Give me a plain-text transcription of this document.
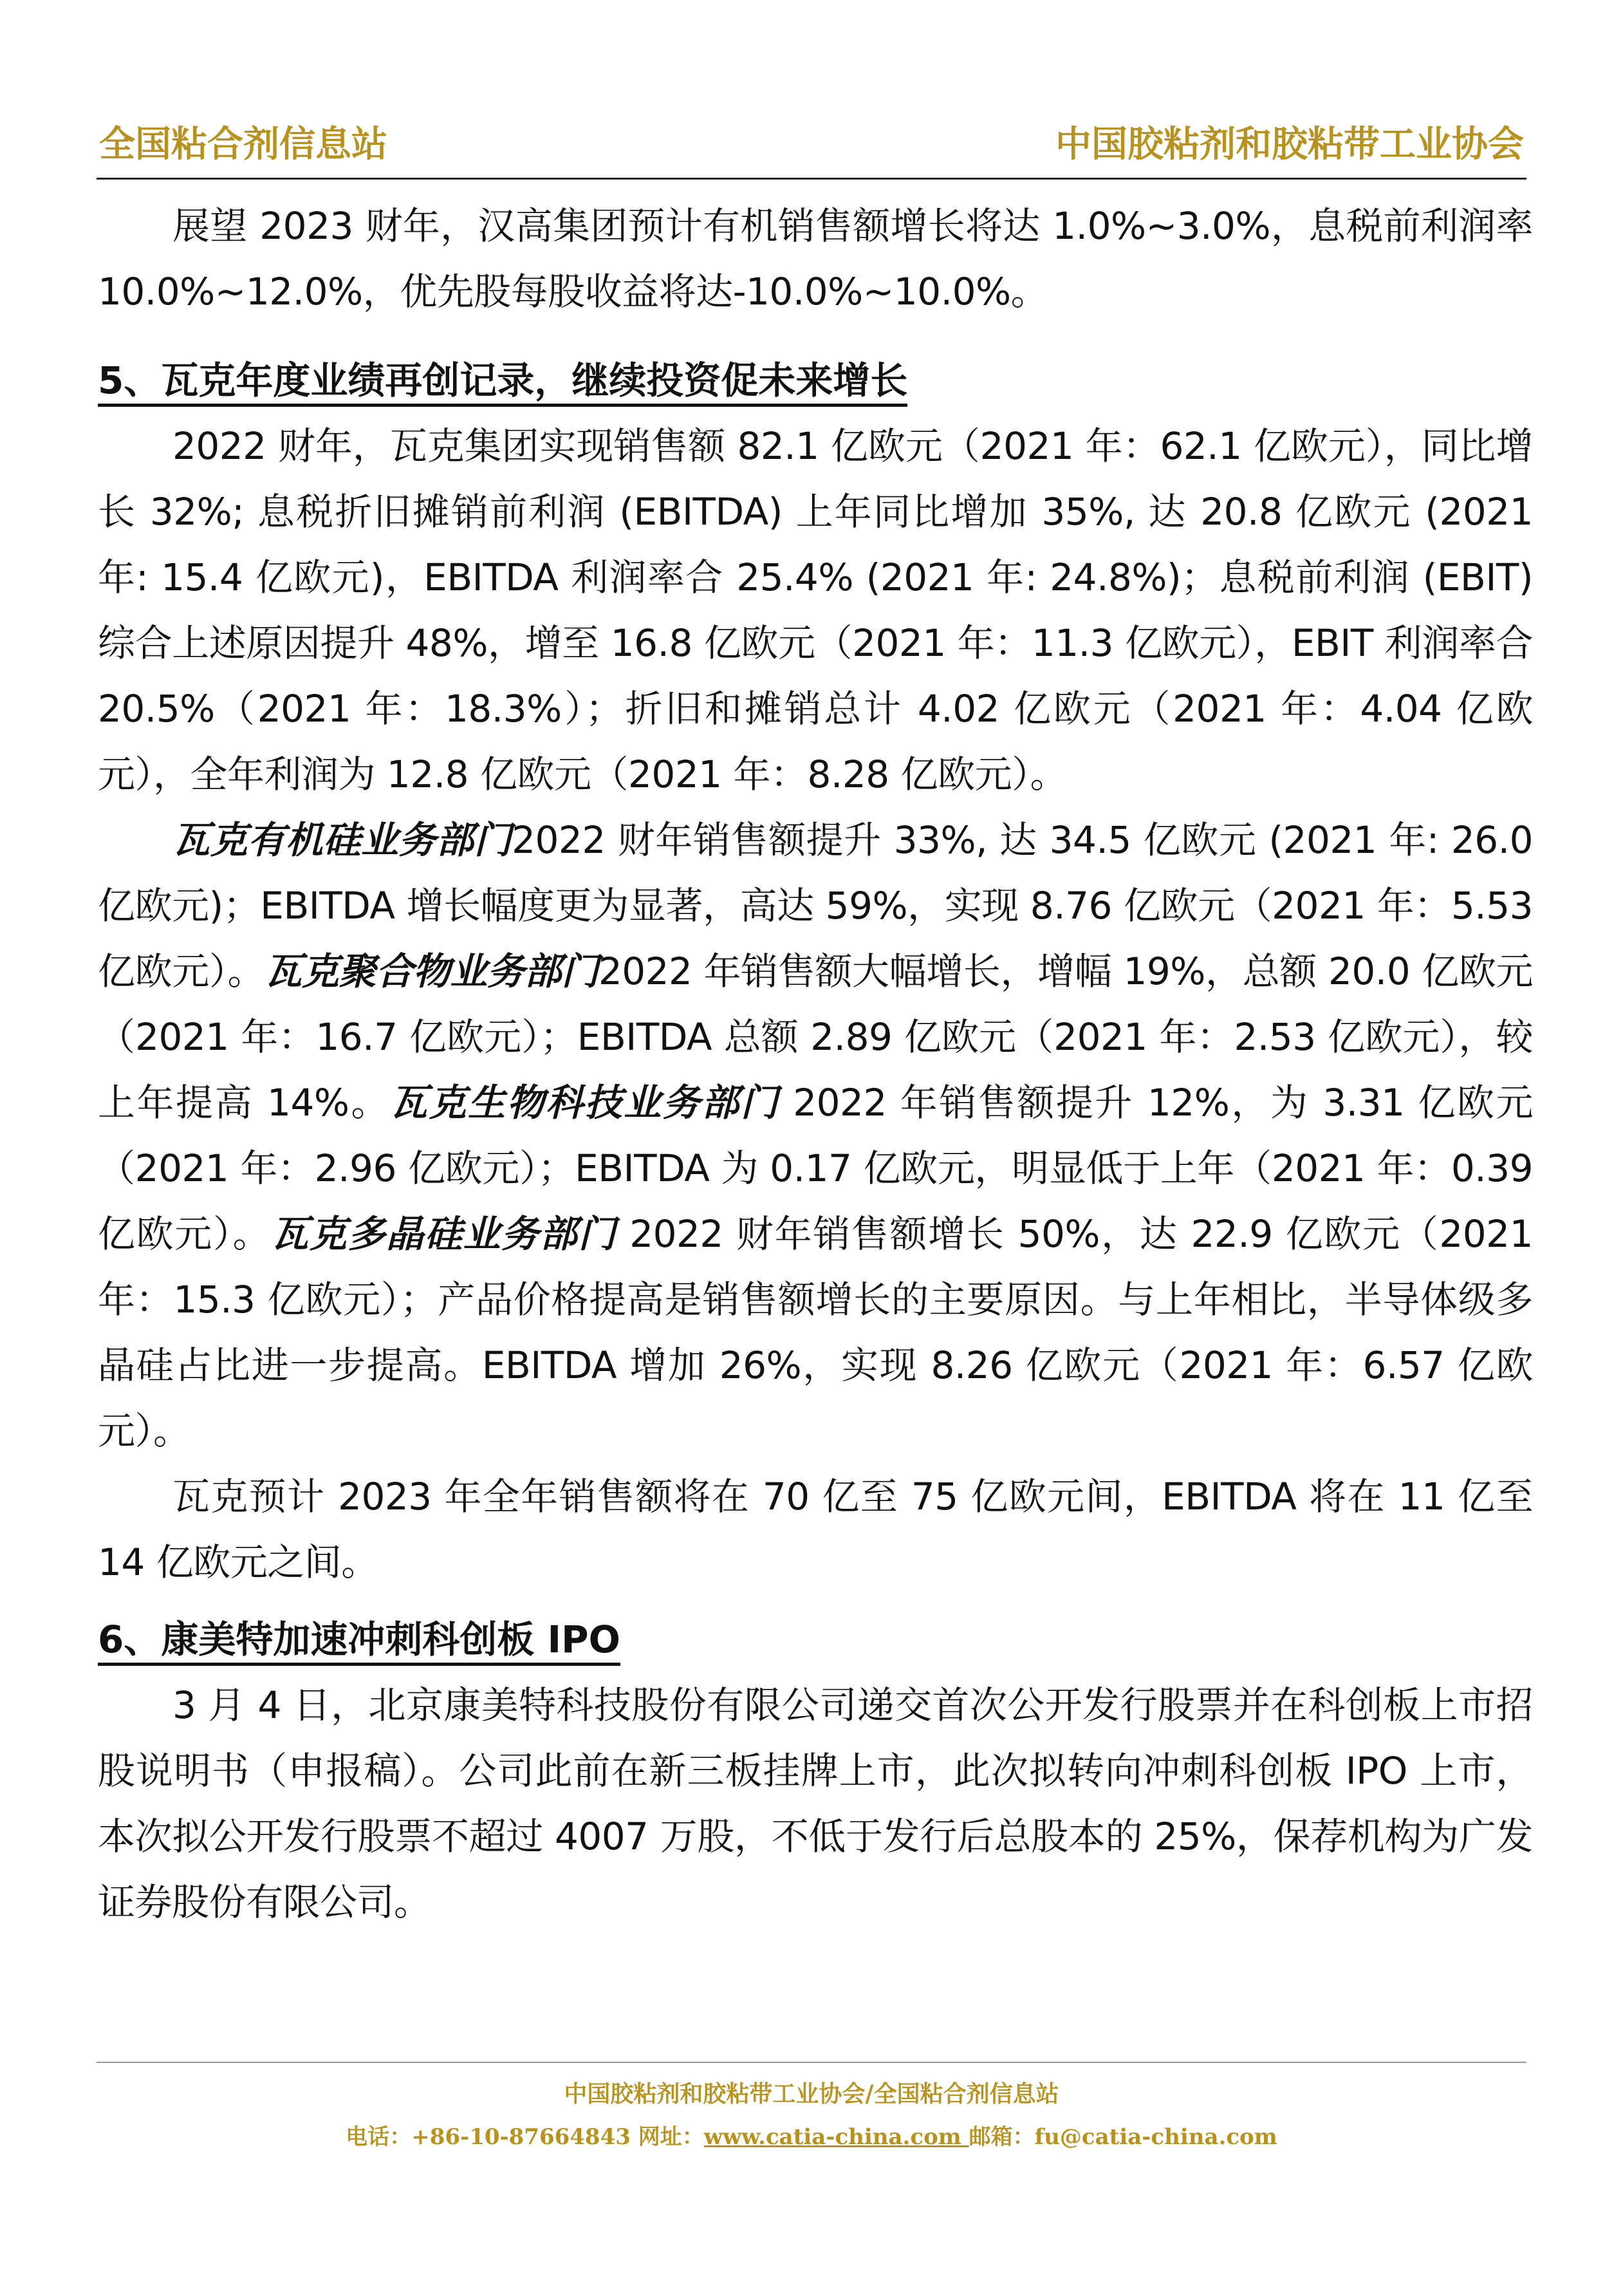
全国粘合剂信息站	中国胶粘剂和胶粘带工业协会

展望 2023 财年，汉高集团预计有机销售额增长将达 1.0%~3.0%，息税前利润率 10.0%~12.0%，优先股每股收益将达-10.0%~10.0%。

5、瓦克年度业绩再创记录，继续投资促未来增长

2022 财年，瓦克集团实现销售额 82.1 亿欧元（2021 年：62.1 亿欧元），同比增长 32%; 息税折旧摊销前利润 (EBITDA) 上年同比增加 35%, 达 20.8 亿欧元 (2021 年: 15.4 亿欧元)，EBITDA 利润率合 25.4% (2021 年: 24.8%)；息税前利润 (EBIT) 综合上述原因提升 48%，增至 16.8 亿欧元（2021 年：11.3 亿欧元），EBIT 利润率合 20.5%（2021 年：18.3%）；折旧和摊销总计 4.02 亿欧元（2021 年：4.04 亿欧元），全年利润为 12.8 亿欧元（2021 年：8.28 亿欧元）。

瓦克有机硅业务部门2022 财年销售额提升 33%, 达 34.5 亿欧元 (2021 年: 26.0 亿欧元)；EBITDA 增长幅度更为显著，高达 59%，实现 8.76 亿欧元（2021 年：5.53 亿欧元）。瓦克聚合物业务部门2022 年销售额大幅增长，增幅 19%，总额 20.0 亿欧元（2021 年：16.7 亿欧元）；EBITDA 总额 2.89 亿欧元（2021 年：2.53 亿欧元），较上年提高 14%。瓦克生物科技业务部门 2022 年销售额提升 12%，为 3.31 亿欧元（2021 年：2.96 亿欧元）；EBITDA 为 0.17 亿欧元，明显低于上年（2021 年：0.39 亿欧元）。瓦克多晶硅业务部门 2022 财年销售额增长 50%，达 22.9 亿欧元（2021 年：15.3 亿欧元）；产品价格提高是销售额增长的主要原因。与上年相比，半导体级多晶硅占比进一步提高。EBITDA 增加 26%，实现 8.26 亿欧元（2021 年：6.57 亿欧元）。

瓦克预计 2023 年全年销售额将在 70 亿至 75 亿欧元间，EBITDA 将在 11 亿至 14 亿欧元之间。

6、康美特加速冲刺科创板 IPO

3 月 4 日，北京康美特科技股份有限公司递交首次公开发行股票并在科创板上市招股说明书（申报稿）。公司此前在新三板挂牌上市，此次拟转向冲刺科创板 IPO 上市，本次拟公开发行股票不超过 4007 万股，不低于发行后总股本的 25%，保荐机构为广发证券股份有限公司。

中国胶粘剂和胶粘带工业协会/全国粘合剂信息站
电话：+86-10-87664843 网址：www.catia-china.com 邮箱：fu@catia-china.com
